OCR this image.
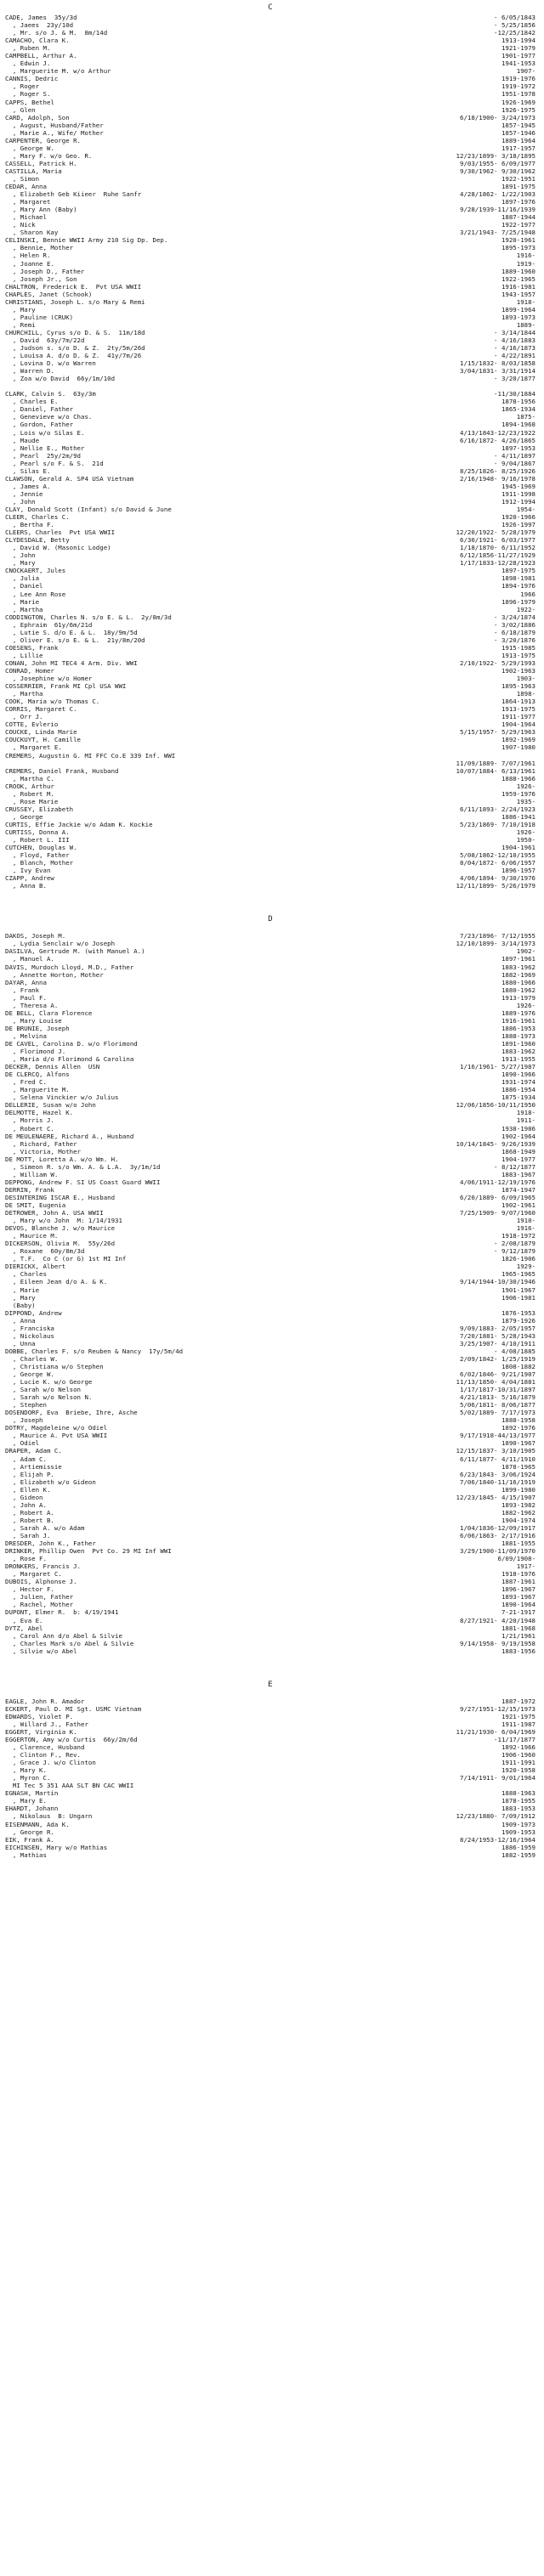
C
CADE, James  35y/3d	- 6/05/1843
, Jaees  23y/10d	- 5/25/1856
, Mr. s/o J. & M.  8m/14d	-12/25/1842
CAMACHO, Clara K.	1913-1994
, Ruben M.	1921-1979
CAMPBELL, Arthur A.	1901-1977
, Edwin J.	1941-1953
, Marguerite M. w/o Arthur	1907-
CANNIS, Dedric	1919-1976
, Roger	1919-1972
, Roger S.	1951-1978
CAPPS, Bethel	1926-1969
, Glen	1926-1975
CARD, Adolph, Son	6/18/1900- 3/24/1973
, August, Husband/Father	1857-1945
, Marie A., Wife/ Mother	1857-1946
CARPENTER, George R.	1889-1964
, George W.	1917-1957
, Mary F. w/o Geo. R.	12/23/1899- 3/18/1895
CASSELL, Patrick H.	9/03/1955- 6/09/1977
CASTILLA, Maria	9/30/1962- 9/30/1962
, Simon	1922-1951
CEDAR, Anna	1891-1975
, Elizabeth Geb Kiieer  Ruhe Sanfr	4/28/1862- 1/22/1903
, Margaret	1897-1976
, Mary Ann (Baby)	9/28/1939-11/16/1939
, Michael	1887-1944
, Nick	1922-1977
, Sharon Kay	3/21/1943- 7/25/1948
CELINSKI, Bennie WWII Army 210 Sig Dp. Dep.	1920-1961
, Bennie, Mother	1895-1973
, Helen R.	1916-
, Joanne E.	1919-
, Joseph D., Father	1889-1960
, Joseph Jr., Son	1922-1965
CHALTRON, Frederick E.  Pvt USA WWII	1916-1981
CHAPLES, Janet (Schook)	1943-1957
CHRISTIANS, Joseph L. s/o Mary & Remi	1918-
, Mary	1899-1964
, Pauline (CRUK)	1893-1973
, Remi	1889-
CHURCHILL, Cyrus s/o D. & S.  11m/18d	- 3/14/1844
, David  63y/7m/22d	- 4/16/1883
, Judson s. s/o D. & Z.  2ty/5m/26d	- 4/16/1873
, Louisa A. d/o D. & Z.  41y/7m/26	- 4/22/1891
, Lovina D. w/o Warren	1/15/1832- 8/03/1858
, Warren D.	3/04/1831- 3/31/1914
, Zoa w/o David  66y/1m/10d	- 3/20/1877
CLARK, Calvin S.  63y/3m	-11/30/1884
, Charles E.	1878-1956
, Daniel, Father	1865-1934
, Genevieve w/o Chas.	1875-
, Gordon, Father	1894-1968
, Lois w/o Silas E.	4/13/1843-12/23/1922
, Maude	6/16/1872- 4/26/1865
, Nellie E., Mother	1897-1953
, Pearl  25y/2m/9d	- 4/11/1897
, Pearl s/o F. & S.  21d	- 9/04/1867
, Silas E.	8/25/1826- 8/25/1926
CLAWSON, Gerald A. SP4 USA Vietnam	2/16/1948- 9/16/1978
, James A.	1945-1969
, Jennie	1911-1998
, John	1912-1994
CLAY, Donald Scott (Infant) s/o David & June	1954-
CLEER, Charles C.	1920-1966
, Bertha F.	1926-1997
CLEERS, Charles  Pvt USA WWII	12/20/1922- 5/28/1979
CLYDESDALE, Betty	6/30/1921- 6/03/1977
, David W. (Masonic Lodge)	1/18/1870- 6/11/1952
, John	6/12/1856-11/27/1929
, Mary	1/17/1833-12/28/1923
CNOCKAERT, Jules	1897-1975
, Julia	1898-1981
, Daniel	1894-1976
, Lee Ann Rose	1966
, Marie	1896-1979
, Martha	1922-
CODDINGTON, Charles N. s/o E. & L.  2y/8m/3d	- 3/24/1874
, Ephraim  61y/6m/21d	- 3/02/1886
, Lutie S. d/o E. & L.  18y/9m/5d	- 6/18/1879
, Oliver E. s/o E. & L.  21y/8m/20d	- 3/20/1876
COESENS, Frank	1915-1985
, Lillie	1913-1975
CONAN, John MI TEC4 4 Arm. Div. WWI	2/10/1922- 5/29/1993
CONRAD, Homer	1902-1963
, Josephine w/o Homer	1903-
COSSERRIER, Frank MI Cpl USA WWI	1895-1963
, Martha	1898-
COOK, Maria w/o Thomas C.	1864-1913
CORRIS, Margaret C.	1913-1975
, Orr J.	1911-1977
COTTE, Evlerio	1904-1964
COUCKE, Linda Marie	5/15/1957- 5/29/1963
COUCKUYT, H. Camille	1892-1969
, Margaret E.	1907-1980
CREMERS, Augustin G. MI FFC Co.E 339 Inf. WWI
11/09/1889- 7/07/1961
CREMERS, Daniel Frank, Husband	10/07/1884- 6/13/1961
, Martha C.	1888-1966
CROOK, Arthur	1926-
, Robert M.	1959-1976
, Rose Marie	1935-
CRUSSEY, Elizabeth	6/11/1893- 2/24/1923
, George	1886-1941
CURTIS, Effie Jackie w/o Adam K. Kockie	5/23/1869- 7/10/1918
CURTISS, Donna A.	1926-
, Robert L. III	1950-
CUTCHEN, Douglas W.	1904-1961
, Floyd, Father	5/08/1862-12/10/1955
, Blanch, Mother	8/04/1872- 6/06/1957
, Ivy Evan	1896-1957
CZAPP, Andrew	4/06/1894- 9/30/1976
, Anna B.	12/11/1899- 5/26/1979
D
DAKOS, Joseph M.	7/23/1896- 7/12/1955
, Lydia Senclair w/o Joseph	12/10/1899- 3/14/1973
DASILVA, Gertrude M. (with Manuel A.)	1902-
, Manuel A.	1897-1961
DAVIS, Murdoch Lloyd, M.D., Father	1883-1962
, Annette Horton, Mother	1882-1969
DAYAR, Anna	1880-1966
, Frank	1880-1962
, Paul F.	1913-1979
, Theresa A.	1926-
DE BELL, Clara Florence	1889-1976
, Mary Louise	1916-1961
DE BRUNIE, Joseph	1886-1953
, Melvina	1888-1973
DE CAVEL, Carolina D. w/o Florimond	1891-1960
, Florimond J.	1883-1962
, Maria d/o Florimond & Carolina	1913-1955
DECKER, Dennis Allen  USN	1/16/1961- 5/27/1987
DE CLERCQ, Alfons	1890-1966
, Fred C.	1931-1974
, Marguerite M.	1886-1954
, Selena Vinckier w/o Julius	1875-1934
DELLERIE, Susan w/o John	12/06/1856-10/11/1950
DELMOTTE, Hazel K.	1918-
, Morris J.	1911-
, Robert C.	1938-1986
DE MEULENAERE, Richard A., Husband	1902-1964
, Richard, Father	10/14/1845- 9/26/1939
, Victoria, Mother	1868-1949
DE MOTT, Loretta A. w/o Wm. H.	1904-1977
, Simeon R. s/o Wm. A. & L.A.  3y/1m/1d	- 8/12/1877
, William W.	1883-1967
DEPPONG, Andrew F. SI US Coast Guard WWII	4/06/1911-12/19/1976
DERRIN, Frank	1874-1947
DESINTERING ISCAR E., Husband	6/20/1889- 6/09/1965
DE SMIT, Eugenia	1902-1961
DETROWER, John A. USA WWII	7/25/1909- 9/07/1960
, Mary w/o John  M: 1/14/1931	1910-
DEVOS, Blanche J. w/o Maurice	1916-
, Maurice M.	1918-1972
DICKERSON, Olivia M.  55y/26d	- 2/08/1879
, Roxane  60y/8m/3d	- 9/12/1879
, T.F.  Co C (or G) 1st MI Inf	1826-1906
DIERICKX, Albert	1929-
, Charles	1965-1965
, Eileen Jean d/o A. & K.	9/14/1944-10/30/1946
, Marie	1901-1967
, Mary	1906-1981
(Baby)
DIPPOND, Andrew	1876-1953
, Anna	1879-1926
, Franciska	9/09/1883- 2/05/1957
, Nickolaus	7/20/1881- 5/28/1943
, Unna	3/25/1907- 4/10/1911
DOBBE, Charles F. s/o Reuben & Nancy  17y/5m/4d	- 4/08/1885
, Charles W.	2/09/1842- 1/25/1919
, Christiana w/o Stephen	1808-1882
, George W.	6/02/1846- 9/21/1907
, Lucie K. w/o George	11/13/1850- 4/04/1881
, Sarah w/o Nelson	1/17/1817-10/31/1897
, Sarah w/o Nelson N.	4/21/1813- 5/16/1879
, Stephen	5/06/1811- 8/06/1877
DOSENDORF, Eva  Briebe, Ihre, Asche	5/02/1889- 7/17/1973
, Joseph	1888-1958
DOTRY, Magdeleine w/o Odiel	1892-1976
, Maurice A. Pvt USA WWII	9/17/1918-44/13/1977
, Odiel	1890-1967
DRAPER, Adam C.	12/15/1837- 3/10/1905
, Adam C.	6/11/1877- 4/11/1910
, Artiemissie	1878-1965
, Elijah P.	6/23/1843- 3/06/1924
, Elizabeth w/o Gideon	7/06/1840-11/16/1919
, Ellen K.	1899-1980
, Gideon	12/23/1845- 4/15/1907
, John A.	1893-1982
, Robert A.	1882-1962
, Robert B.	1904-1974
, Sarah A. w/o Adam	1/04/1836-12/09/1917
, Sarah J.	6/06/1863- 2/17/1916
DRESDER, John K., Father	1881-1955
DRINKER, Phillip Owen  Pvt Co. 29 MI Inf WWI	3/29/1900-11/09/1970
, Rose F.	6/09/1908-
DRONKERS, Francis J.	1917-
, Margaret C.	1918-1976
DUBOIS, Alphonse J.	1887-1961
, Hector F.	1896-1967
, Julien, Father	1893-1967
, Rachel, Mother	1890-1964
DUPONT, Elmer R.  b: 4/19/1941	7-21-1917
, Eva E.	8/27/1921- 4/20/1948
DYTZ, Abel	1881-1968
, Carol Ann d/o Abel & Silvie	1/21/1961
, Charles Mark s/o Abel & Silvie	9/14/1958- 9/19/1958
, Silvie w/o Abel	1883-1956
E
EAGLE, John R. Amador	1887-1972
ECKERT, Paul D. MI Sgt. USMC Vietnam	9/27/1951-12/15/1973
EDWARDS, Violet P.	1921-1975
, Willard J., Father	1911-1987
EGGERT, Virginia K.	11/21/1930- 6/04/1969
EGGERTON, Amy w/o Curtis  66y/2m/6d	-11/17/1877
, Clarence, Husband	1892-1966
, Clinton F., Rev.	1906-1960
, Grace J. w/o Clinton	1911-1991
, Mary K.	1920-1958
, Myron C.	7/14/1911- 9/01/1964
MI Tec 5 351 AAA SLT BN CAC WWII
EGNASH, Martin	1888-1963
, Mary E.	1878-1955
EHARDT, Johann	1883-1953
, Nikolaus  B: Ungarn	12/23/1880- 7/09/1912
EISENMANN, Ada K.	1909-1973
, George R.	1909-1953
EIK, Frank A.	8/24/1953-12/16/1964
EICHINSEN, Mary w/o Mathias	1886-1959
, Mathias	1882-1959
